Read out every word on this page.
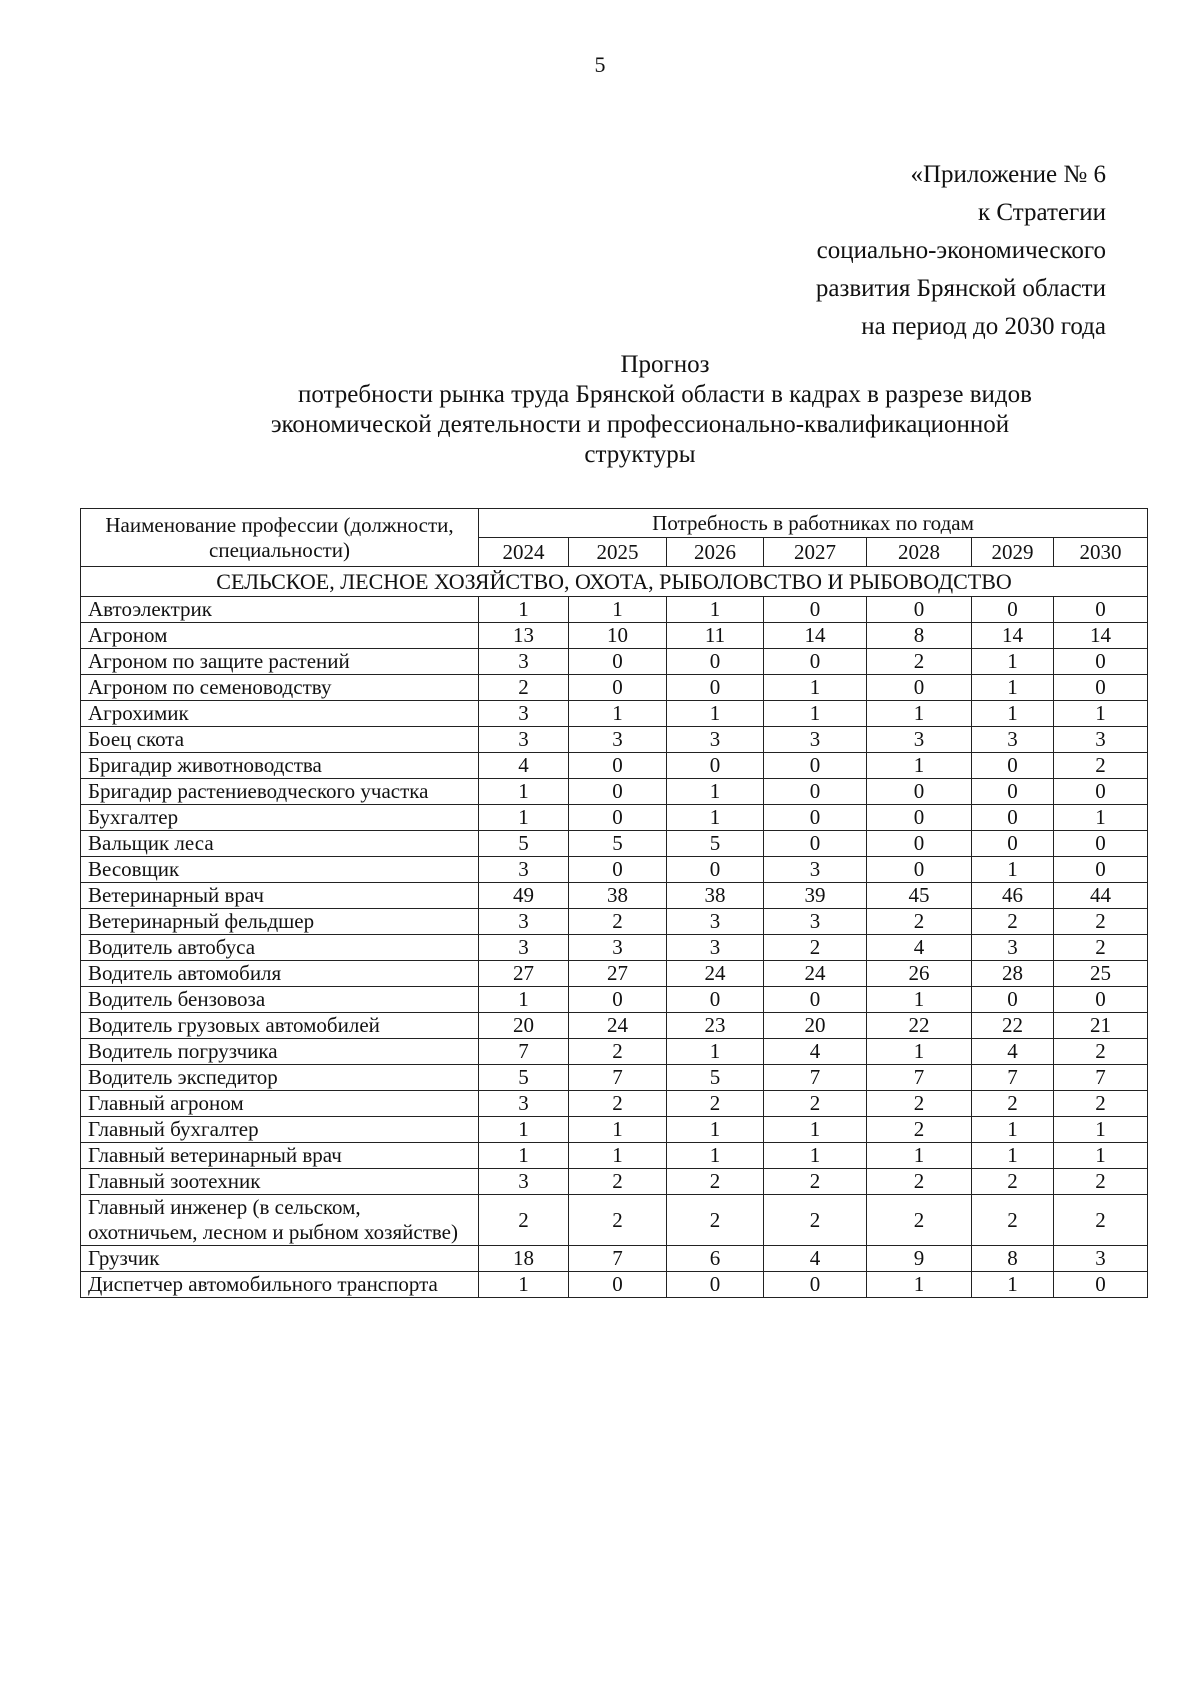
5
«Приложение № 6
к Стратегии
социально-экономического
развития Брянской области
на период до 2030 года
Прогноз
потребности рынка труда Брянской области в кадрах в разрезе видов
экономической деятельности и профессионально-квалификационной
структуры
Наименование профессии (должности, специальности)	Потребность в работниках по годам						
	2024	2025	2026	2027	2028	2029	2030
СЕЛЬСКОЕ, ЛЕСНОЕ ХОЗЯЙСТВО, ОХОТА, РЫБОЛОВСТВО И РЫБОВОДСТВО							
Автоэлектрик	1	1	1	0	0	0	0
Агроном	13	10	11	14	8	14	14
Агроном по защите растений	3	0	0	0	2	1	0
Агроном по семеноводству	2	0	0	1	0	1	0
Агрохимик	3	1	1	1	1	1	1
Боец скота	3	3	3	3	3	3	3
Бригадир животноводства	4	0	0	0	1	0	2
Бригадир растениеводческого участка	1	0	1	0	0	0	0
Бухгалтер	1	0	1	0	0	0	1
Вальщик леса	5	5	5	0	0	0	0
Весовщик	3	0	0	3	0	1	0
Ветеринарный врач	49	38	38	39	45	46	44
Ветеринарный фельдшер	3	2	3	3	2	2	2
Водитель автобуса	3	3	3	2	4	3	2
Водитель автомобиля	27	27	24	24	26	28	25
Водитель бензовоза	1	0	0	0	1	0	0
Водитель грузовых автомобилей	20	24	23	20	22	22	21
Водитель погрузчика	7	2	1	4	1	4	2
Водитель экспедитор	5	7	5	7	7	7	7
Главный агроном	3	2	2	2	2	2	2
Главный бухгалтер	1	1	1	1	2	1	1
Главный ветеринарный врач	1	1	1	1	1	1	1
Главный зоотехник	3	2	2	2	2	2	2
Главный инженер (в сельском, охотничьем, лесном и рыбном хозяйстве)	2	2	2	2	2	2	2
Грузчик	18	7	6	4	9	8	3
Диспетчер автомобильного транспорта	1	0	0	0	1	1	0
